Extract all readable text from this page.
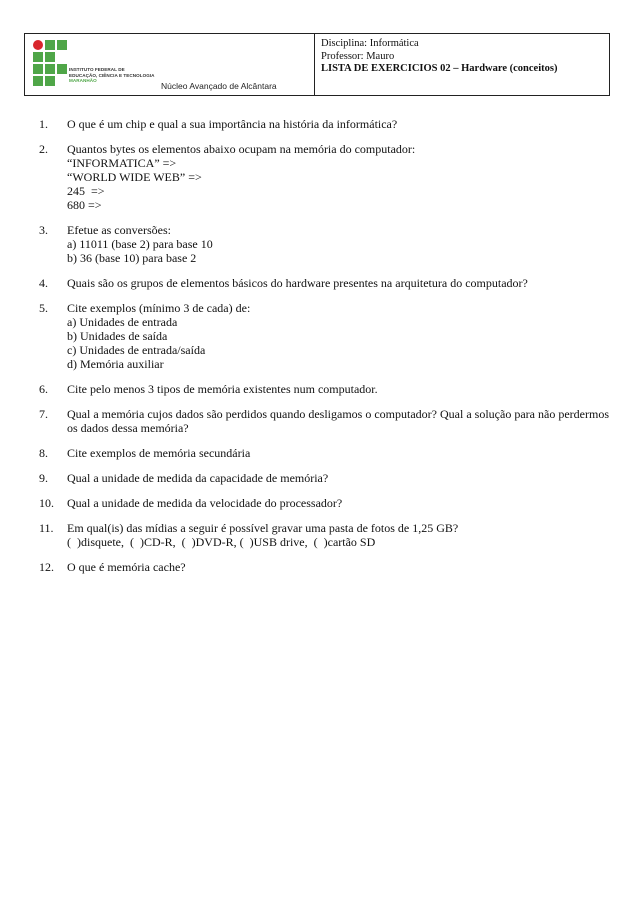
INSTITUTO FEDERAL DE
EDUCAÇÃO, CIÊNCIA E TECNOLOGIA
MARANHÃO
Núcleo Avançado de Alcântara
Disciplina: Informática
Professor: Mauro
LISTA DE EXERCICIOS 02 – Hardware (conceitos)
1.	O que é um chip e qual a sua importância na história da informática?
2.	Quantos bytes os elementos abaixo ocupam na memória do computador:
“INFORMATICA” =>
“WORLD WIDE WEB” =>
245  =>
680 =>
3.	Efetue as conversões:
a) 11011 (base 2) para base 10
b) 36 (base 10) para base 2
4.	Quais são os grupos de elementos básicos do hardware presentes na arquitetura do computador?
5.	Cite exemplos (mínimo 3 de cada) de:
a) Unidades de entrada
b) Unidades de saída
c) Unidades de entrada/saída
d) Memória auxiliar
6.	Cite pelo menos 3 tipos de memória existentes num computador.
7.	Qual a memória cujos dados são perdidos quando desligamos o computador? Qual a solução para não perdermos os dados dessa memória?
8.	Cite exemplos de memória secundária
9.	Qual a unidade de medida da capacidade de memória?
10.	Qual a unidade de medida da velocidade do processador?
11.	Em qual(is) das mídias a seguir é possível gravar uma pasta de fotos de 1,25 GB?
(  )disquete,  (  )CD-R,  (  )DVD-R, (  )USB drive,  (  )cartão SD
12.	O que é memória cache?
